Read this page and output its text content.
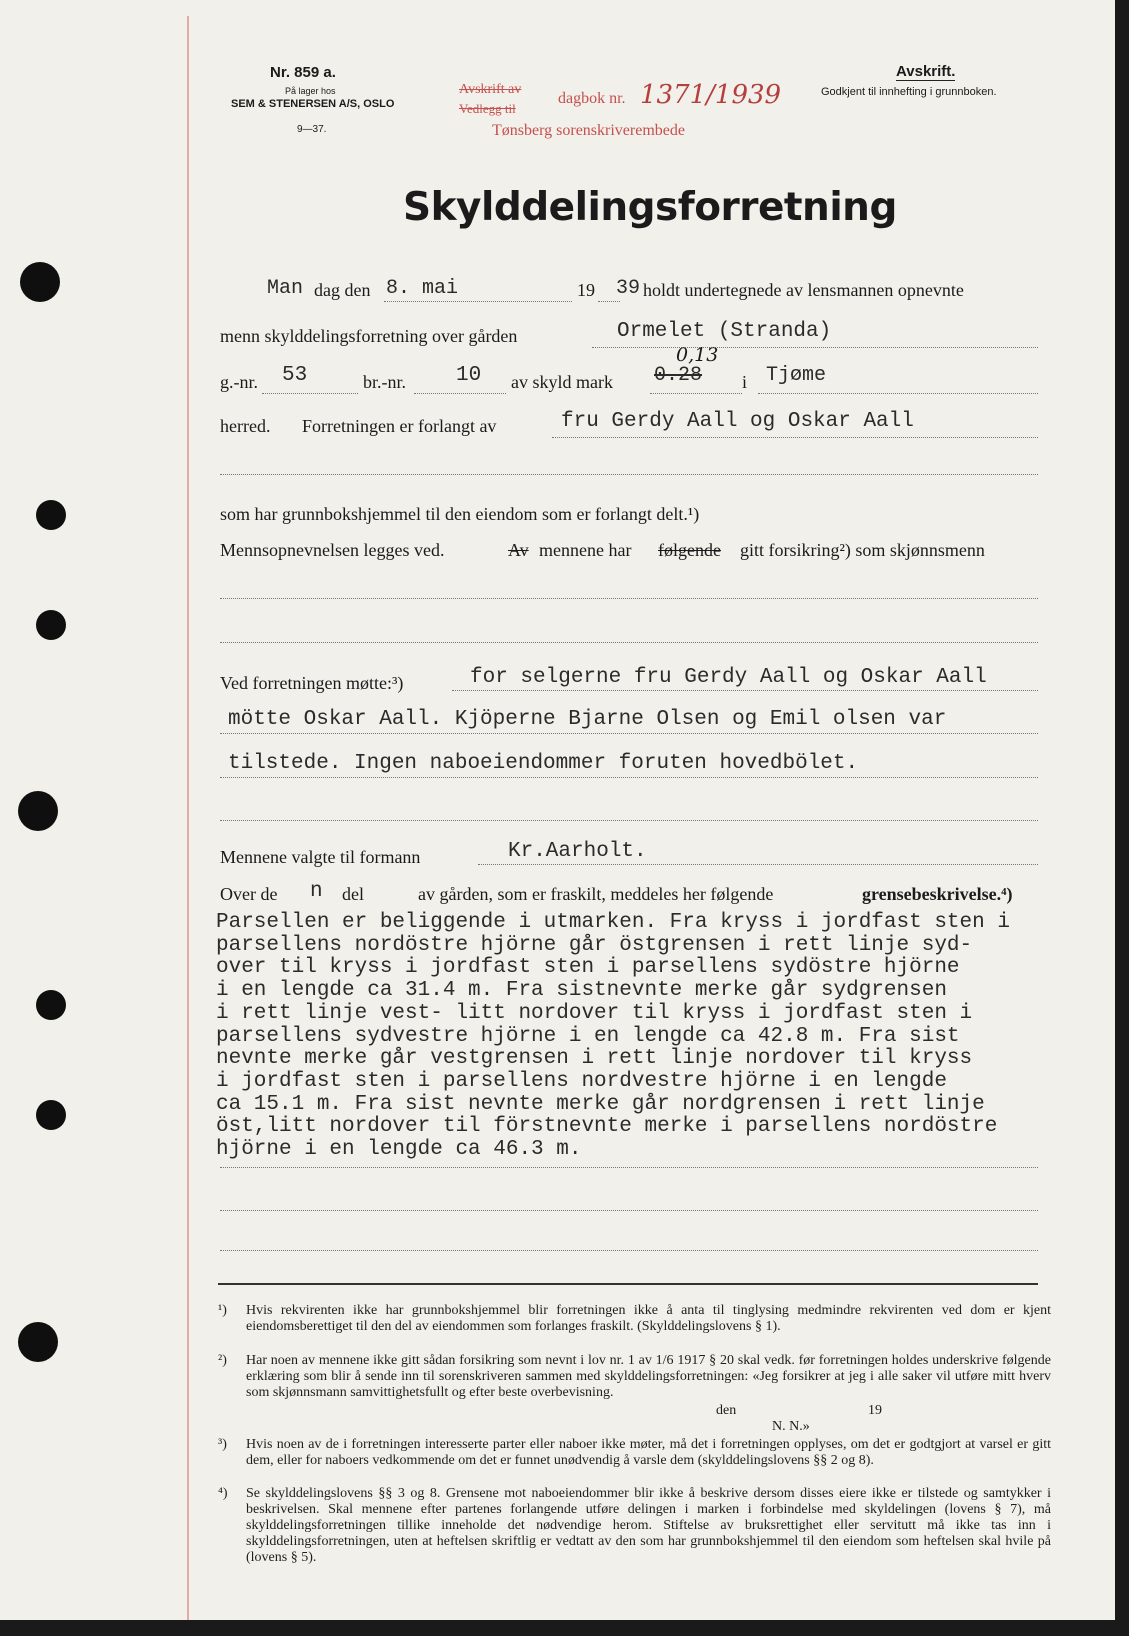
Nr. 859 a.
På lager hos
SEM & STENERSEN A/S, OSLO
9—37.
Avskrift av
Vedlegg til
dagbok nr. 1371/1939
Tønsberg sorenskriverembede
Avskrift.
Godkjent til innhefting i grunnboken.
Skylddelingsforretning
Man dag den 8. mai	19 39 holdt undertegnede av lensmannen opnevnte
menn skylddelingsforretning over gården	Ormelet (Stranda)
g.-nr. 53	br.-nr. 10 av skyld mark 0.28
0,13
i Tjøme
herred. Forretningen er forlangt av	fru Gerdy Aall og Oskar Aall
som har grunnbokshjemmel til den eiendom som er forlangt delt.¹)
Mennsopnevnelsen legges ved.	Av mennene har følgende gitt forsikring²) som skjønnsmenn
Ved forretningen møtte:³)	for selgerne fru Gerdy Aall og Oskar Aall
mötte Oskar Aall. Kjöperne Bjarne Olsen og Emil olsen var
tilstede. Ingen naboeiendommer foruten hovedbölet.
Mennene valgte til formann	Kr.Aarholt.
Over de n del	av gården, som er fraskilt, meddeles her følgende	grensebeskrivelse.⁴)
Parsellen er beliggende i utmarken. Fra kryss i jordfast sten i
parsellens nordöstre hjörne går östgrensen i rett linje syd-
over til kryss i jordfast sten i parsellens sydöstre hjörne
i en lengde ca 31.4 m. Fra sistnevnte merke går sydgrensen
i rett linje vest- litt nordover til kryss i jordfast sten i
parsellens sydvestre hjörne i en lengde ca 42.8 m. Fra sist
nevnte merke går vestgrensen i rett linje nordover til kryss
i jordfast sten i parsellens nordvestre hjörne i en lengde
ca 15.1 m. Fra sist nevnte merke går nordgrensen i rett linje
öst,litt nordover til förstnevnte merke i parsellens nordöstre
hjörne i en lengde ca 46.3 m.
¹) Hvis rekvirenten ikke har grunnbokshjemmel blir forretningen ikke å anta til tinglysing medmindre rekvirenten ved dom er kjent eiendomsberettiget til den del av eiendommen som forlanges fraskilt. (Skylddelingslovens § 1).
²) Har noen av mennene ikke gitt sådan forsikring som nevnt i lov nr. 1 av 1/6 1917 § 20 skal vedk. før forretningen holdes underskrive følgende erklæring som blir å sende inn til sorenskriveren sammen med skylddelingsforretningen: «Jeg forsikrer at jeg i alle saker vil utføre mitt hverv som skjønnsmann samvittighetsfullt og efter beste overbevisning.
den	19
N. N.»
³) Hvis noen av de i forretningen interesserte parter eller naboer ikke møter, må det i forretningen opplyses, om det er godtgjort at varsel er gitt dem, eller for naboers vedkommende om det er funnet unødvendig å varsle dem (skylddelingslovens §§ 2 og 8).
⁴) Se skylddelingslovens §§ 3 og 8. Grensene mot naboeiendommer blir ikke å beskrive dersom disses eiere ikke er tilstede og samtykker i beskrivelsen. Skal mennene efter partenes forlangende utføre delingen i marken i forbindelse med skyldelingen (lovens § 7), må skylddelingsforretningen tillike inneholde det nødvendige herom. Stiftelse av bruksrettighet eller servitutt må ikke tas inn i skylddelingsforretningen, uten at heftelsen skriftlig er vedtatt av den som har grunnbokshjemmel til den eiendom som heftelsen skal hvile på (lovens § 5).
